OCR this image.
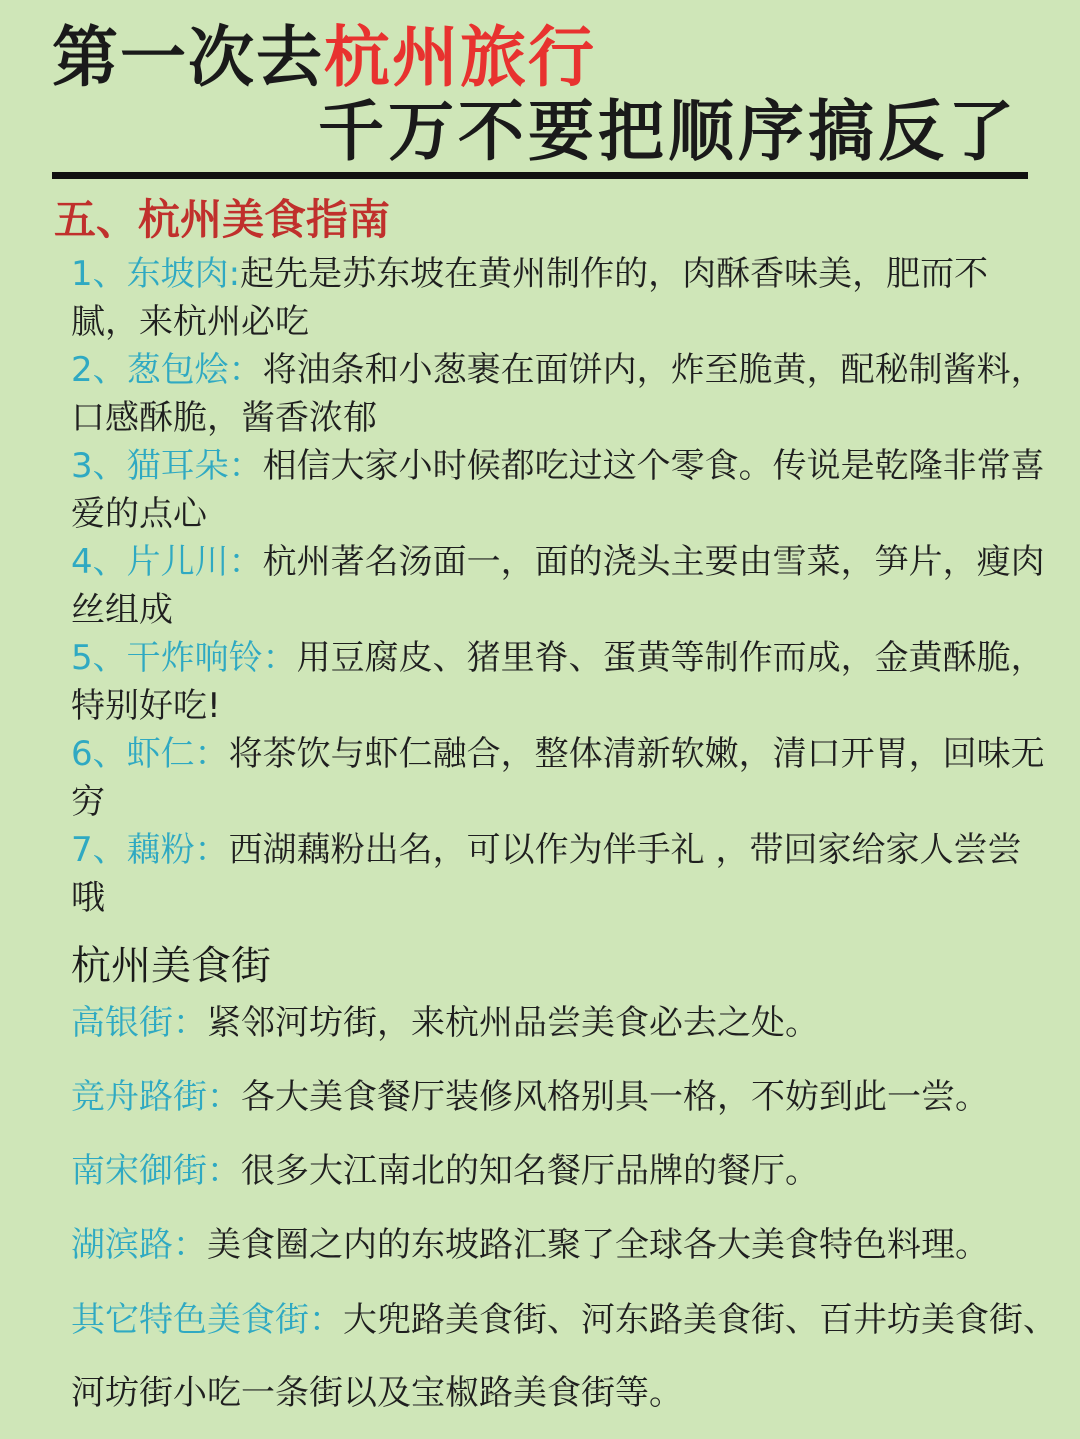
第一次去杭州旅行
千万不要把顺序搞反了
五、杭州美食指南
1、东坡肉:起先是苏东坡在黄州制作的，肉酥香味美，肥而不腻，来杭州必吃
2、葱包烩：将油条和小葱裹在面饼内，炸至脆黄，配秘制酱料，口感酥脆，酱香浓郁
3、猫耳朵：相信大家小时候都吃过这个零食。传说是乾隆非常喜爱的点心
4、片儿川：杭州著名汤面一，面的浇头主要由雪菜，笋片，瘦肉丝组成
5、干炸响铃：用豆腐皮、猪里脊、蛋黄等制作而成，金黄酥脆，特别好吃!
6、虾仁：将茶饮与虾仁融合，整体清新软嫩，清口开胃，回味无穷
7、藕粉：西湖藕粉出名，可以作为伴手礼 ，带回家给家人尝尝哦
杭州美食街
高银街：紧邻河坊街，来杭州品尝美食必去之处。
竞舟路街：各大美食餐厅装修风格别具一格，不妨到此一尝。
南宋御街：很多大江南北的知名餐厅品牌的餐厅。
湖滨路：美食圈之内的东坡路汇聚了全球各大美食特色料理。
其它特色美食街：大兜路美食街、河东路美食街、百井坊美食街、河坊街小吃一条街以及宝椒路美食街等。
